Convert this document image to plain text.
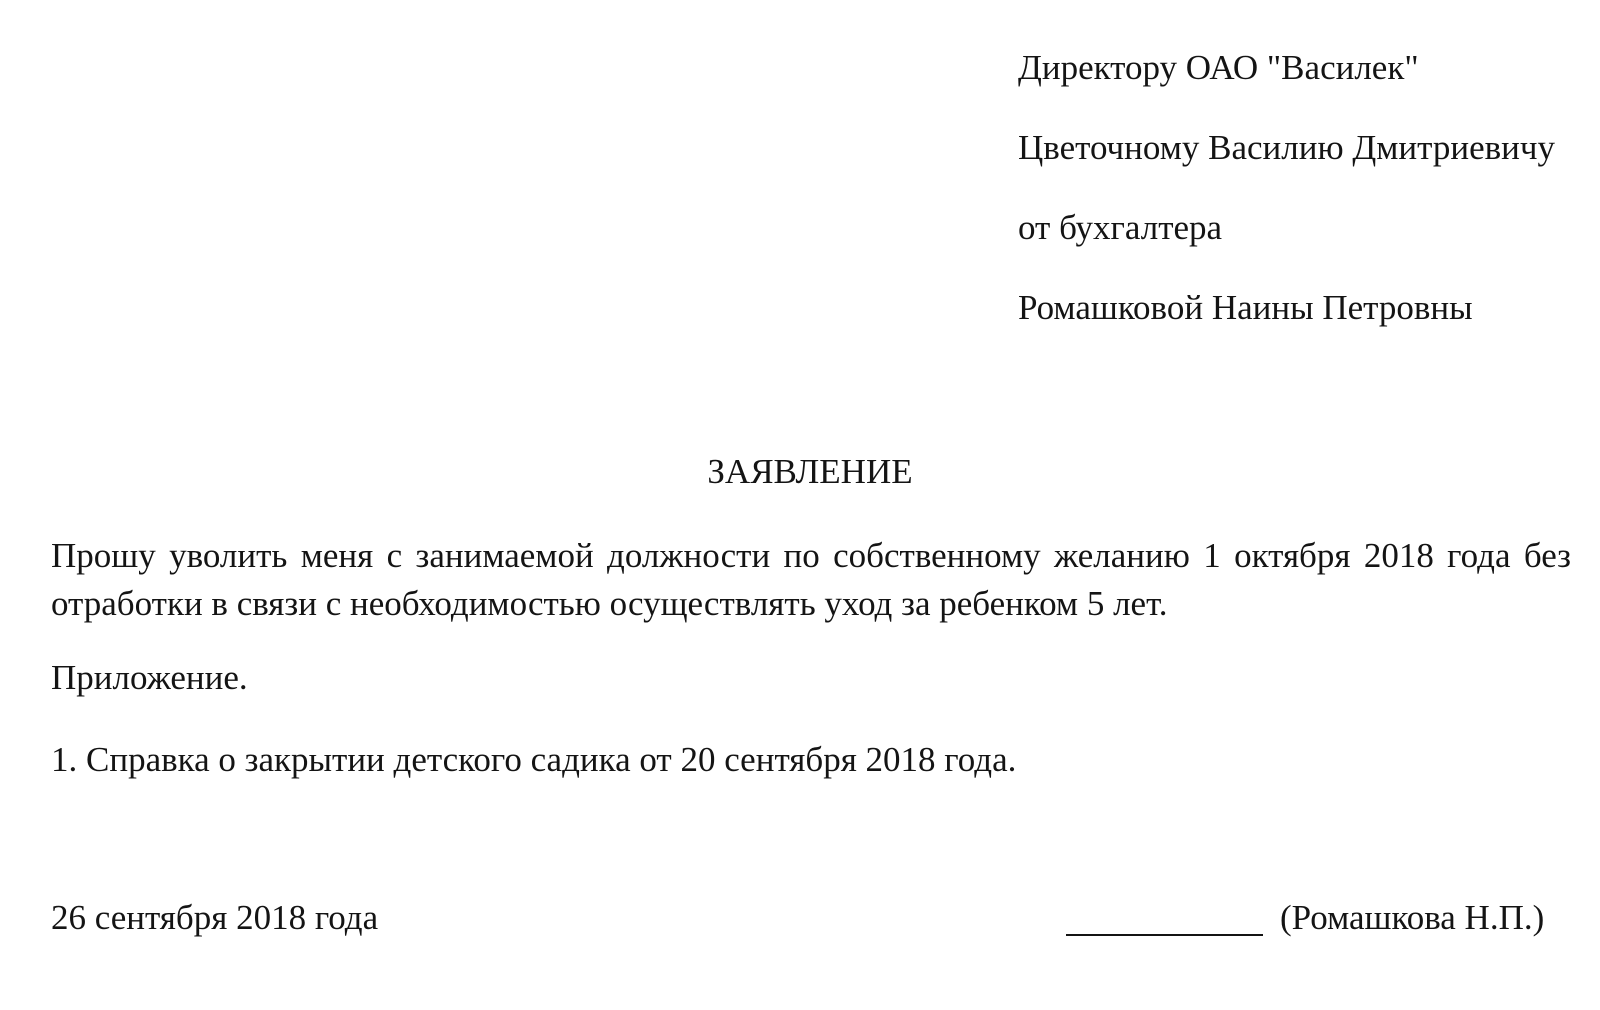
Директору ОАО "Василек"
Цветочному Василию Дмитриевичу
от бухгалтера
Ромашковой Наины Петровны
ЗАЯВЛЕНИЕ
Прошу уволить меня с занимаемой должности по собственному желанию 1 октября 2018 года без отработки в связи с необходимостью осуществлять уход за ребенком 5 лет.
Приложение.
1. Справка о закрытии детского садика от 20 сентября 2018 года.
26 сентября 2018 года	(Ромашкова Н.П.)
